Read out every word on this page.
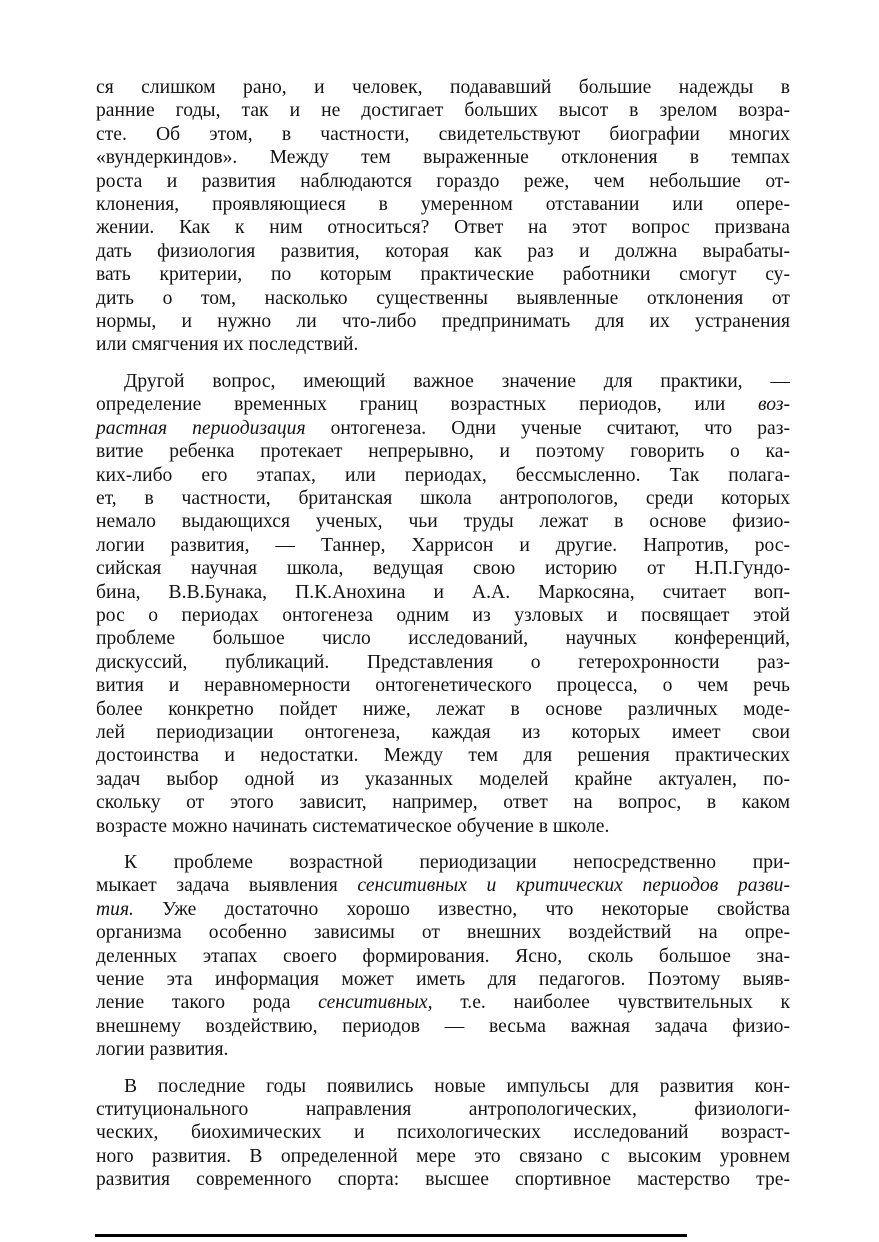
ся слишком рано, и человек, подававший большие надежды в
ранние годы, так и не достигает больших высот в зрелом возра-
сте. Об этом, в частности, свидетельствуют биографии многих
«вундеркиндов». Между тем выраженные отклонения в темпах
роста и развития наблюдаются гораздо реже, чем небольшие от-
клонения, проявляющиеся в умеренном отставании или опере-
жении. Как к ним относиться? Ответ на этот вопрос призвана
дать физиология развития, которая как раз и должна вырабаты-
вать критерии, по которым практические работники смогут су-
дить о том, насколько существенны выявленные отклонения от
нормы, и нужно ли что-либо предпринимать для их устранения
или смягчения их последствий.
Другой вопрос, имеющий важное значение для практики, —
определение временных границ возрастных периодов, или воз-
растная периодизация онтогенеза. Одни ученые считают, что раз-
витие ребенка протекает непрерывно, и поэтому говорить о ка-
ких-либо его этапах, или периодах, бессмысленно. Так полага-
ет, в частности, британская школа антропологов, среди которых
немало выдающихся ученых, чьи труды лежат в основе физио-
логии развития, — Таннер, Харрисон и другие. Напротив, рос-
сийская научная школа, ведущая свою историю от Н.П.Гундо-
бина, В.В.Бунака, П.К.Анохина и А.А. Маркосяна, считает воп-
рос о периодах онтогенеза одним из узловых и посвящает этой
проблеме большое число исследований, научных конференций,
дискуссий, публикаций. Представления о гетерохронности раз-
вития и неравномерности онтогенетического процесса, о чем речь
более конкретно пойдет ниже, лежат в основе различных моде-
лей периодизации онтогенеза, каждая из которых имеет свои
достоинства и недостатки. Между тем для решения практических
задач выбор одной из указанных моделей крайне актуален, по-
скольку от этого зависит, например, ответ на вопрос, в каком
возрасте можно начинать систематическое обучение в школе.
К проблеме возрастной периодизации непосредственно при-
мыкает задача выявления сенситивных и критических периодов разви-
тия. Уже достаточно хорошо известно, что некоторые свойства
организма особенно зависимы от внешних воздействий на опре-
деленных этапах своего формирования. Ясно, сколь большое зна-
чение эта информация может иметь для педагогов. Поэтому выяв-
ление такого рода сенситивных, т.е. наиболее чувствительных к
внешнему воздействию, периодов — весьма важная задача физио-
логии развития.
В последние годы появились новые импульсы для развития кон-
ституционального направления антропологических, физиологи-
ческих, биохимических и психологических исследований возраст-
ного развития. В определенной мере это связано с высоким уровнем
развития современного спорта: высшее спортивное мастерство тре-
